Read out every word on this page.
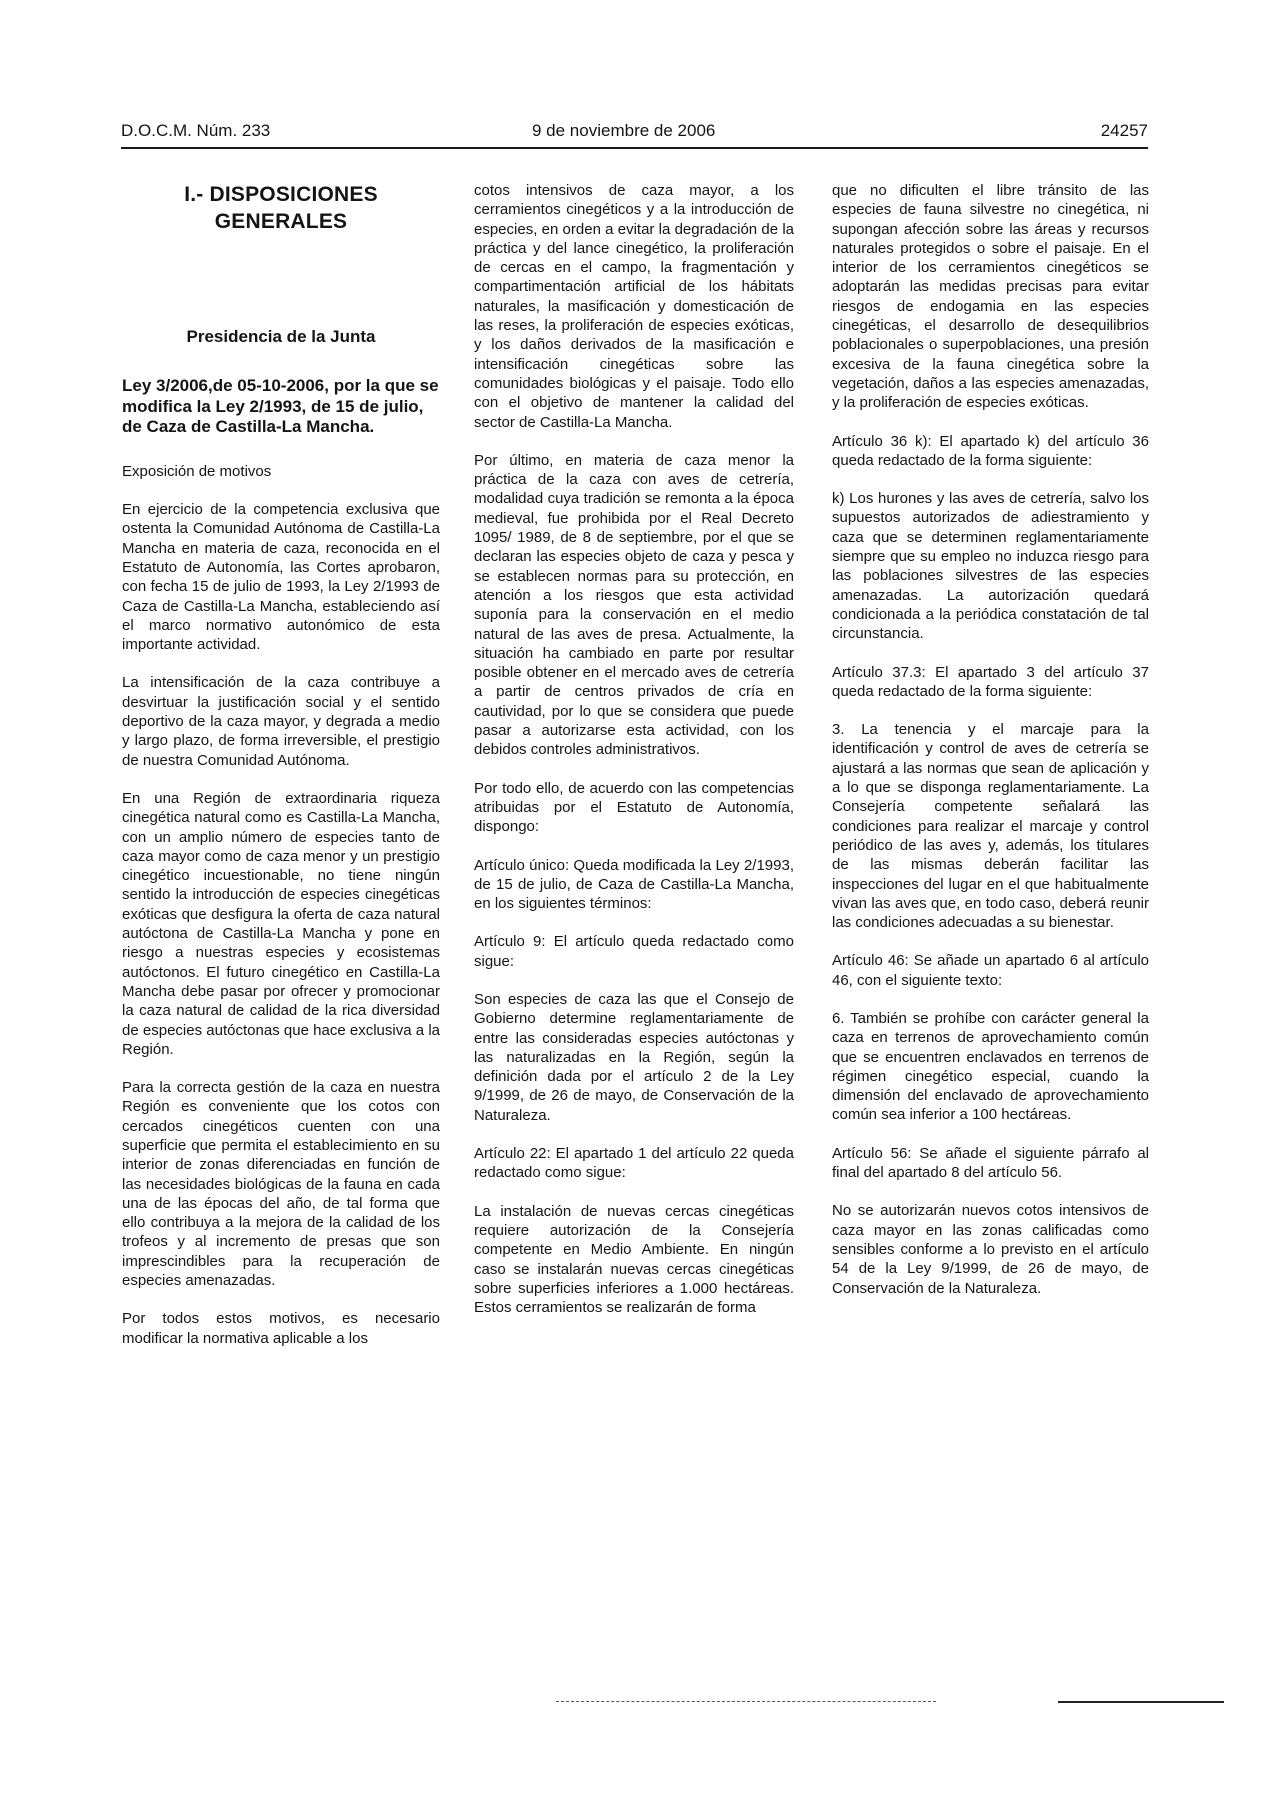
D.O.C.M. Núm. 233	9 de noviembre de 2006	24257

I.- DISPOSICIONES GENERALES

Presidencia de la Junta

Ley 3/2006,de 05-10-2006, por la que se modifica la Ley 2/1993, de 15 de julio, de Caza de Castilla-La Mancha.

Exposición de motivos

En ejercicio de la competencia exclusiva que ostenta la Comunidad Autónoma de Castilla-La Mancha en materia de caza, reconocida en el Estatuto de Autonomía, las Cortes aprobaron, con fecha 15 de julio de 1993, la Ley 2/1993 de Caza de Castilla-La Mancha, estableciendo así el marco normativo autonómico de esta importante actividad.

La intensificación de la caza contribuye a desvirtuar la justificación social y el sentido deportivo de la caza mayor, y degrada a medio y largo plazo, de forma irreversible, el prestigio de nuestra Comunidad Autónoma.

En una Región de extraordinaria riqueza cinegética natural como es Castilla-La Mancha, con un amplio número de especies tanto de caza mayor como de caza menor y un prestigio cinegético incuestionable, no tiene ningún sentido la introducción de especies cinegéticas exóticas que desfigura la oferta de caza natural autóctona de Castilla-La Mancha y pone en riesgo a nuestras especies y ecosistemas autóctonos. El futuro cinegético en Castilla-La Mancha debe pasar por ofrecer y promocionar la caza natural de calidad de la rica diversidad de especies autóctonas que hace exclusiva a la Región.

Para la correcta gestión de la caza en nuestra Región es conveniente que los cotos con cercados cinegéticos cuenten con una superficie que permita el establecimiento en su interior de zonas diferenciadas en función de las necesidades biológicas de la fauna en cada una de las épocas del año, de tal forma que ello contribuya a la mejora de la calidad de los trofeos y al incremento de presas que son imprescindibles para la recuperación de especies amenazadas.

Por todos estos motivos, es necesario modificar la normativa aplicable a los

cotos intensivos de caza mayor, a los cerramientos cinegéticos y a la introducción de especies, en orden a evitar la degradación de la práctica y del lance cinegético, la proliferación de cercas en el campo, la fragmentación y compartimentación artificial de los hábitats naturales, la masificación y domesticación de las reses, la proliferación de especies exóticas, y los daños derivados de la masificación e intensificación cinegéticas sobre las comunidades biológicas y el paisaje. Todo ello con el objetivo de mantener la calidad del sector de Castilla-La Mancha.

Por último, en materia de caza menor la práctica de la caza con aves de cetrería, modalidad cuya tradición se remonta a la época medieval, fue prohibida por el Real Decreto 1095/ 1989, de 8 de septiembre, por el que se declaran las especies objeto de caza y pesca y se establecen normas para su protección, en atención a los riesgos que esta actividad suponía para la conservación en el medio natural de las aves de presa. Actualmente, la situación ha cambiado en parte por resultar posible obtener en el mercado aves de cetrería a partir de centros privados de cría en cautividad, por lo que se considera que puede pasar a autorizarse esta actividad, con los debidos controles administrativos.

Por todo ello, de acuerdo con las competencias atribuidas por el Estatuto de Autonomía, dispongo:

Artículo único: Queda modificada la Ley 2/1993, de 15 de julio, de Caza de Castilla-La Mancha, en los siguientes términos:

Artículo 9: El artículo queda redactado como sigue:

Son especies de caza las que el Consejo de Gobierno determine reglamentariamente de entre las consideradas especies autóctonas y las naturalizadas en la Región, según la definición dada por el artículo 2 de la Ley 9/1999, de 26 de mayo, de Conservación de la Naturaleza.

Artículo 22: El apartado 1 del artículo 22 queda redactado como sigue:

La instalación de nuevas cercas cinegéticas requiere autorización de la Consejería competente en Medio Ambiente. En ningún caso se instalarán nuevas cercas cinegéticas sobre superficies inferiores a 1.000 hectáreas. Estos cerramientos se realizarán de forma

que no dificulten el libre tránsito de las especies de fauna silvestre no cinegética, ni supongan afección sobre las áreas y recursos naturales protegidos o sobre el paisaje. En el interior de los cerramientos cinegéticos se adoptarán las medidas precisas para evitar riesgos de endogamia en las especies cinegéticas, el desarrollo de desequilibrios poblacionales o superpoblaciones, una presión excesiva de la fauna cinegética sobre la vegetación, daños a las especies amenazadas, y la proliferación de especies exóticas.

Artículo 36 k): El apartado k) del artículo 36 queda redactado de la forma siguiente:

k) Los hurones y las aves de cetrería, salvo los supuestos autorizados de adiestramiento y caza que se determinen reglamentariamente siempre que su empleo no induzca riesgo para las poblaciones silvestres de las especies amenazadas. La autorización quedará condicionada a la periódica constatación de tal circunstancia.

Artículo 37.3: El apartado 3 del artículo 37 queda redactado de la forma siguiente:

3. La tenencia y el marcaje para la identificación y control de aves de cetrería se ajustará a las normas que sean de aplicación y a lo que se disponga reglamentariamente. La Consejería competente señalará las condiciones para realizar el marcaje y control periódico de las aves y, además, los titulares de las mismas deberán facilitar las inspecciones del lugar en el que habitualmente vivan las aves que, en todo caso, deberá reunir las condiciones adecuadas a su bienestar.

Artículo 46: Se añade un apartado 6 al artículo 46, con el siguiente texto:

6. También se prohíbe con carácter general la caza en terrenos de aprovechamiento común que se encuentren enclavados en terrenos de régimen cinegético especial, cuando la dimensión del enclavado de aprovechamiento común sea inferior a 100 hectáreas.

Artículo 56: Se añade el siguiente párrafo al final del apartado 8 del artículo 56.

No se autorizarán nuevos cotos intensivos de caza mayor en las zonas calificadas como sensibles conforme a lo previsto en el artículo 54 de la Ley 9/1999, de 26 de mayo, de Conservación de la Naturaleza.
